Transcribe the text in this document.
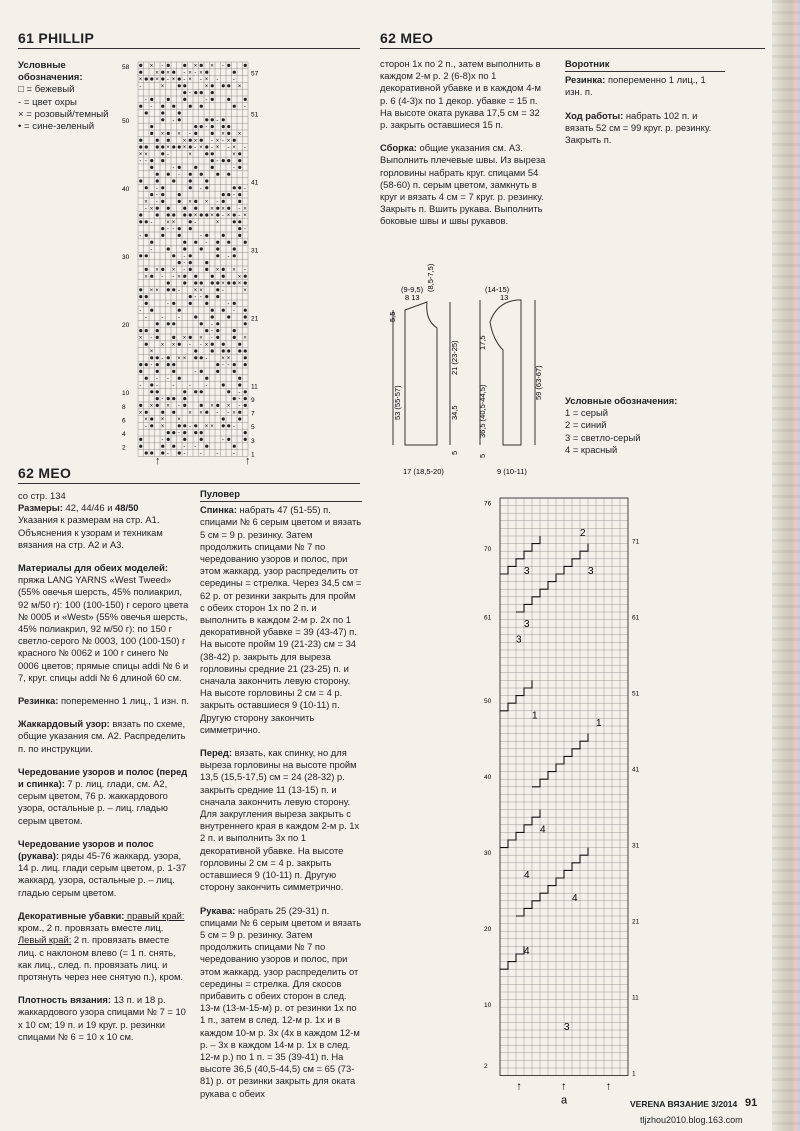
61 PHILLIP	62 MEO
Условные обозначения:
□ = бежевый
- = цвет охры
× = розовый/темный
• = сине-зеленый
× -	× × -
× × - × - ×
× × - × - × - × - -
-	×	×	×
-
-	-
-	-
-	-
-
× × -	× ×
× × - × - ×
× × - × - × - × -
× ×	-	×	×
- -	-
-	-
-
-	-	-
-	-
× -	× × -
- ×	× × - ×
× × - × - ×
- × ×	-	×
- -	-
-	-
-
-
-	-
-
× × -	× × -
× - - ×	×
× ×
× ×	- × ×	-	×
- -
-	-
-	-
- - -
-
-
× -	× × -	×
× × - - ×
×
- × ×	- × ×
-	- -
-
- -
- - - - -
-
-	-
× × -	× × -
×	× × - - ×
× × ×
- ×	- × ×	-
-
-	-
- -
- - - - -
58
50
40
30
20
10
8
6
4
2
57
51
41
31
21
11
9
7
5
3
1
↑	↑

сторон 1х по 2 п., затем выполнить в каждом 2-м р. 2 (6-8)х по 1 декоративной убавке и в каждом 4-м р. 6 (4-3)х по 1 декор. убавке = 15 п. На высоте оката рукава 17,5 см = 32 р. закрыть оставшиеся 15 п.

Сборка: общие указания см. А3. Выполнить плечевые швы. Из выреза горловины набрать круг. спицами 54 (58-60) п. серым цветом, замкнуть в круг и вязать 4 см = 7 круг. р. резинку. Закрыть п. Вшить рукава. Выполнить боковые швы и швы рукавов.

Воротник

Резинка: попеременно 1 лиц., 1 изн. п.

Ход работы: набрать 102 п. и вязать 52 см = 99 круг. р. резинку. Закрыть п.

(9-9,5)
8 13
(8,5-7,5)
5,5
21 (23-25)
53 (55-57)	34,5
5
17 (18,5-20)
(14-15)
13
17,5
59 (63-67)
36,5 (40,5-44,5)
5
9 (10-11)
Условные обозначения:
1 = серый
2 = синий
3 = светло-серый
4 = красный
2
3	3
3
3
1
1
4
4
4
4
3
76
70
61
50
40
30
20
10
2
71
61
51
41
31
21
11
1
↑	↑	↑
a
62 MEO
со стр. 134
Размеры: 42, 44/46 и 48/50

Указания к размерам на стр. А1. Объяснения к узорам и техникам вязания на стр. А2 и А3.

Материалы для обеих моделей: пряжа LANG YARNS «West Tweed» (55% овечья шерсть, 45% полиакрил, 92 м/50 г): 100 (100-150) г серого цвета № 0005 и «West» (55% овечья шерсть, 45% полиакрил, 92 м/50 г): по 150 г светло-серого № 0003, 100 (100-150) г красного № 0062 и 100 г синего № 0006 цветов; прямые спицы addi № 6 и 7, круг. спицы addi № 6 длиной 60 см.

Резинка: попеременно 1 лиц., 1 изн. п.

Жаккардовый узор: вязать по схеме, общие указания см. А2. Распределить п. по инструкции.

Чередование узоров и полос (перед и спинка): 7 р. лиц. глади, см. А2, серым цветом, 76 р. жаккардового узора, остальные р. – лиц. гладью серым цветом.

Чередование узоров и полос (рукава): ряды 45-76 жаккард. узора, 14 р. лиц. глади серым цветом, р. 1-37 жаккард. узора, остальные р. – лиц. гладью серым цветом.

Декоративные убавки: правый край: кром., 2 п. провязать вместе лиц. Левый край: 2 п. провязать вместе лиц. с наклоном влево (= 1 п. снять, как лиц., след. п. провязать лиц. и протянуть через нее снятую п.), кром.

Плотность вязания: 13 п. и 18 р. жаккардового узора спицами № 7 = 10 x 10 см; 19 п. и 19 круг. р. резинки спицами № 6 = 10 x 10 см.

Пуловер

Спинка: набрать 47 (51-55) п. спицами № 6 серым цветом и вязать 5 см = 9 р. резинку. Затем продолжить спицами № 7 по чередованию узоров и полос, при этом жаккард. узор распределить от середины = стрелка. Через 34,5 см = 62 р. от резинки закрыть для пройм с обеих сторон 1х по 2 п. и выполнить в каждом 2-м р. 2х по 1 декоративной убавке = 39 (43-47) п. На высоте пройм 19 (21-23) см = 34 (38-42) р. закрыть для выреза горловины средние 21 (23-25) п. и сначала закончить левую сторону. На высоте горловины 2 см = 4 р. закрыть оставшиеся 9 (10-11) п. Другую сторону закончить симметрично.

Перед: вязать, как спинку, но для выреза горловины на высоте пройм 13,5 (15,5-17,5) см = 24 (28-32) р. закрыть средние 11 (13-15) п. и сначала закончить левую сторону. Для закругления выреза закрыть с внутреннего края в каждом 2-м р. 1х 2 п. и выполнить 3х по 1 декоративной убавке. На высоте горловины 2 см = 4 р. закрыть оставшиеся 9 (10-11) п. Другую сторону закончить симметрично.

Рукава: набрать 25 (29-31) п. спицами № 6 серым цветом и вязать 5 см = 9 р. резинку. Затем продолжить спицами № 7 по чередованию узоров и полос, при этом жаккард. узор распределить от середины = стрелка. Для скосов прибавить с обеих сторон в след. 13-м (13-м-15-м) р. от резинки 1х по 1 п., затем в след. 12-м р. 1х и в каждом 10-м р. 3х (4х в каждом 12-м р. – 3х в каждом 14-м р. 1х в след. 12-м р.) по 1 п. = 35 (39-41) п. На высоте 36,5 (40,5-44,5) см = 65 (73-81) р. от резинки закрыть для оката рукава с обеих

VERENA ВЯЗАНИЕ 3/2014 91
tljzhou2010.blog.163.com
